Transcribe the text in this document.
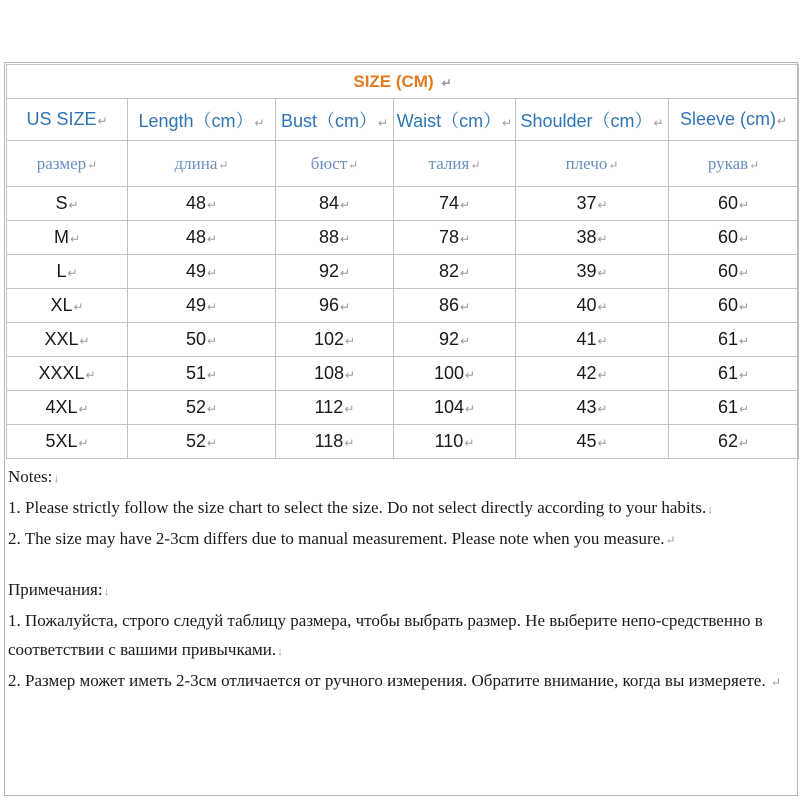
SIZE (CM) ↵					
US SIZE↵	Length（cm）↵	Bust（cm）↵	Waist（cm）↵	Shoulder（cm）↵	Sleeve (cm)↵
размер↵	длина↵	бюст↵	талия↵	плечо↵	рукав↵
S↵	48↵	84↵	74↵	37↵	60↵
M↵	48↵	88↵	78↵	38↵	60↵
L↵	49↵	92↵	82↵	39↵	60↵
XL↵	49↵	96↵	86↵	40↵	60↵
XXL↵	50↵	102↵	92↵	41↵	61↵
XXXL↵	51↵	108↵	100↵	42↵	61↵
4XL↵	52↵	112↵	104↵	43↵	61↵
5XL↵	52↵	118↵	110↵	45↵	62↵
Notes:↓
1. Please strictly follow the size chart to select the size. Do not select directly according to your habits.↓
2. The size may have 2-3cm differs due to manual measurement. Please note when you measure.↵
Примечания:↓
1. Пожалуйста, строго следуй таблицу размера, чтобы выбрать размер. Не выберите непо-средственно в соответствии с вашими привычками.↓
2. Размер может иметь 2-3см отличается от ручного измерения. Обратите внимание, когда вы измеряете. ↵
